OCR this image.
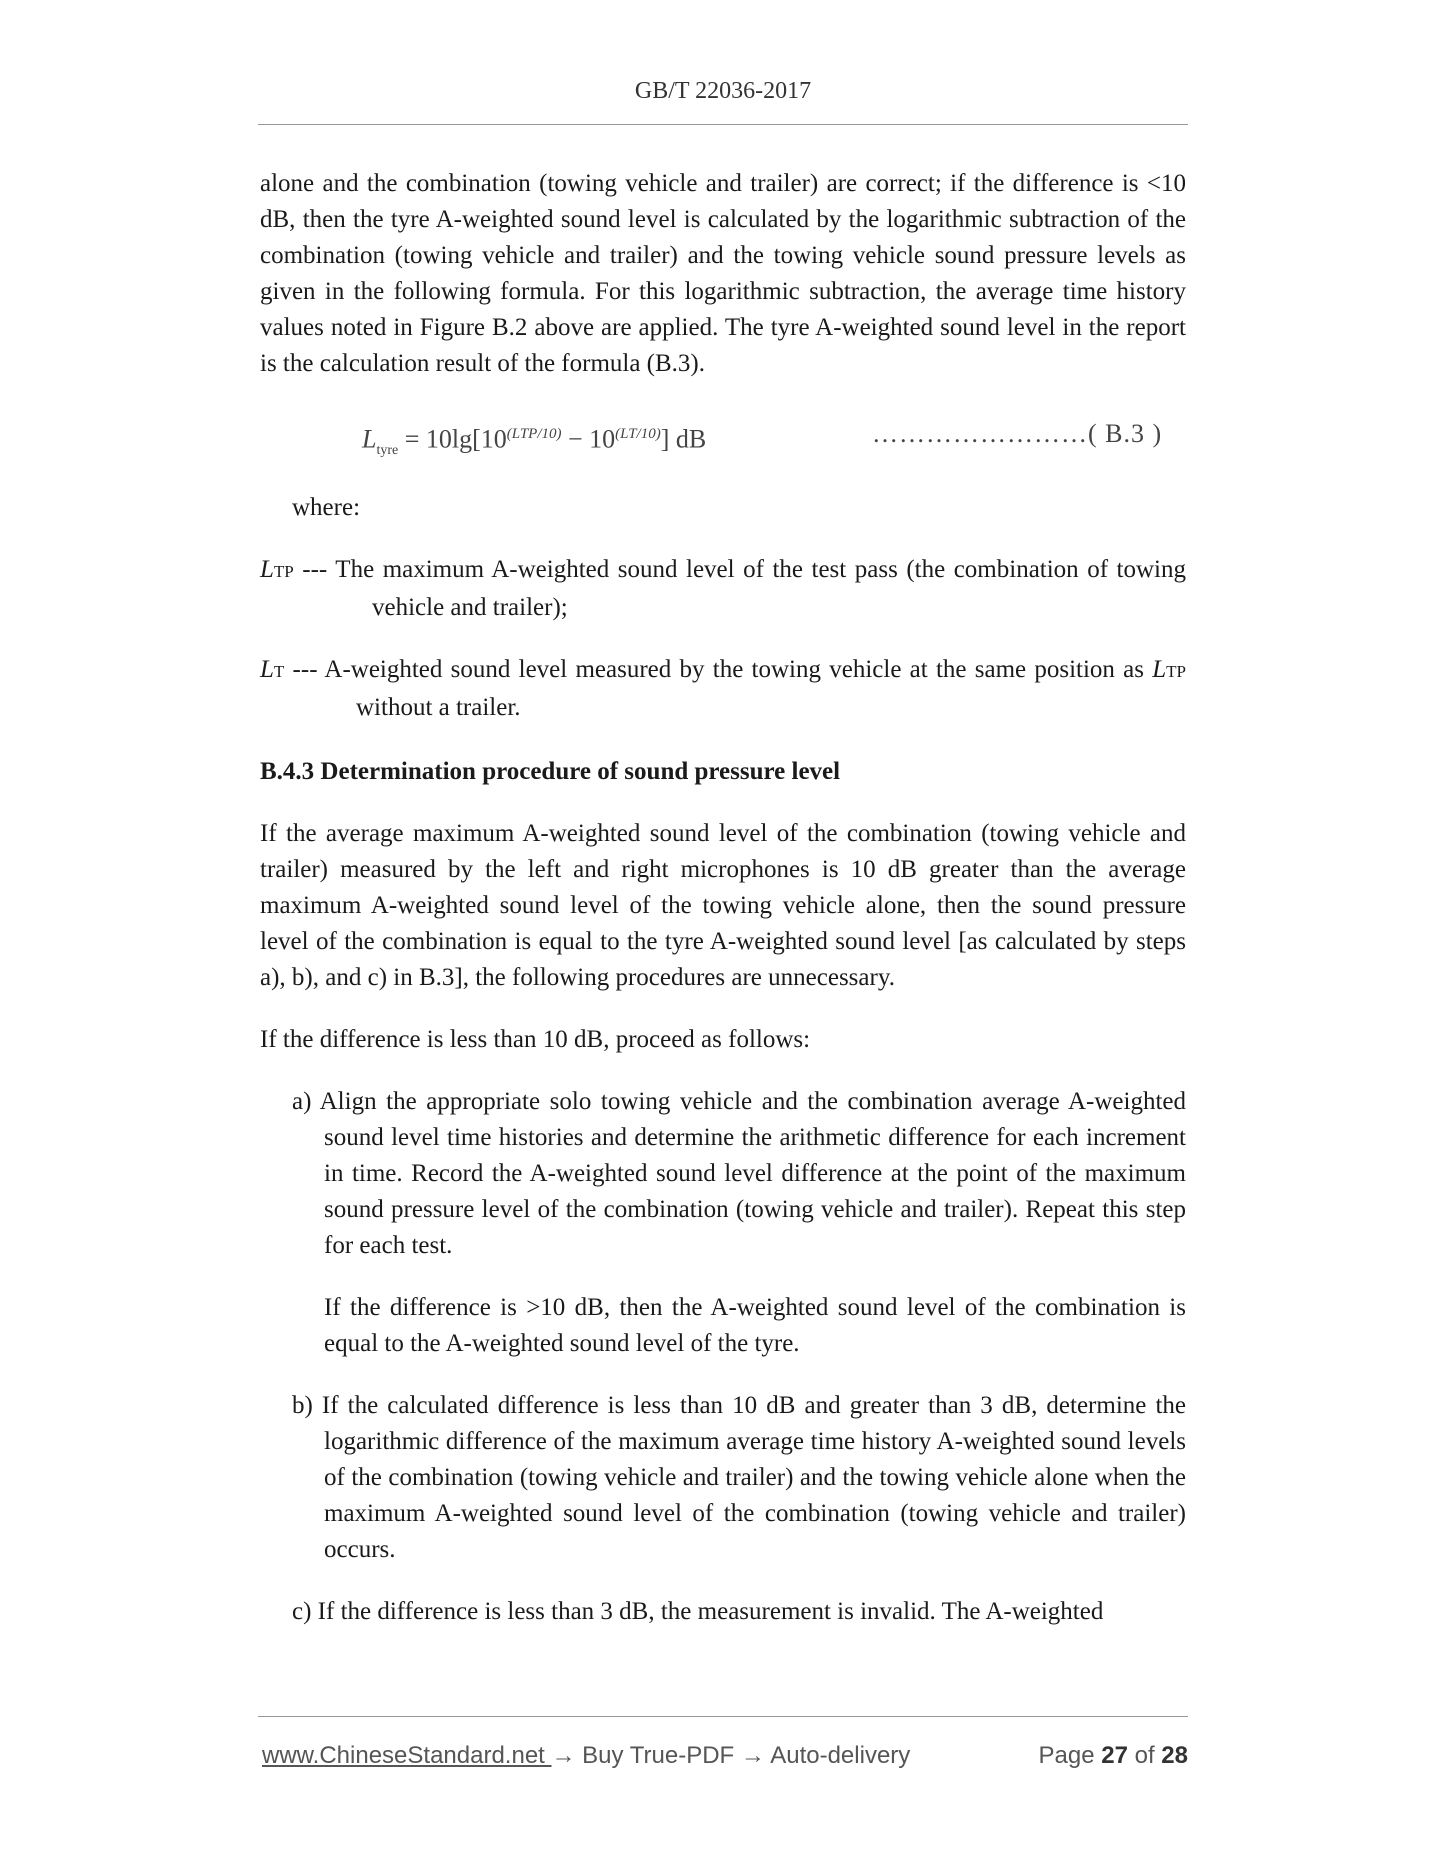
GB/T 22036-2017

alone and the combination (towing vehicle and trailer) are correct; if the difference is <10 dB, then the tyre A-weighted sound level is calculated by the logarithmic subtraction of the combination (towing vehicle and trailer) and the towing vehicle sound pressure levels as given in the following formula. For this logarithmic subtraction, the average time history values noted in Figure B.2 above are applied. The tyre A-weighted sound level in the report is the calculation result of the formula (B.3).

$L_{tyre} = 10\lg[10^{(LTP/10)} - 10^{(LT/10)}]$ dB	……………………( B.3 )

where:

LTP --- The maximum A-weighted sound level of the test pass (the combination of towing vehicle and trailer);

LT --- A-weighted sound level measured by the towing vehicle at the same position as LTP without a trailer.

B.4.3 Determination procedure of sound pressure level

If the average maximum A-weighted sound level of the combination (towing vehicle and trailer) measured by the left and right microphones is 10 dB greater than the average maximum A-weighted sound level of the towing vehicle alone, then the sound pressure level of the combination is equal to the tyre A-weighted sound level [as calculated by steps a), b), and c) in B.3], the following procedures are unnecessary.

If the difference is less than 10 dB, proceed as follows:

a) Align the appropriate solo towing vehicle and the combination average A-weighted sound level time histories and determine the arithmetic difference for each increment in time. Record the A-weighted sound level difference at the point of the maximum sound pressure level of the combination (towing vehicle and trailer). Repeat this step for each test.

If the difference is >10 dB, then the A-weighted sound level of the combination is equal to the A-weighted sound level of the tyre.

b) If the calculated difference is less than 10 dB and greater than 3 dB, determine the logarithmic difference of the maximum average time history A-weighted sound levels of the combination (towing vehicle and trailer) and the towing vehicle alone when the maximum A-weighted sound level of the combination (towing vehicle and trailer) occurs.

c) If the difference is less than 3 dB, the measurement is invalid. The A-weighted

www.ChineseStandard.net → Buy True-PDF → Auto-delivery	Page 27 of 28
